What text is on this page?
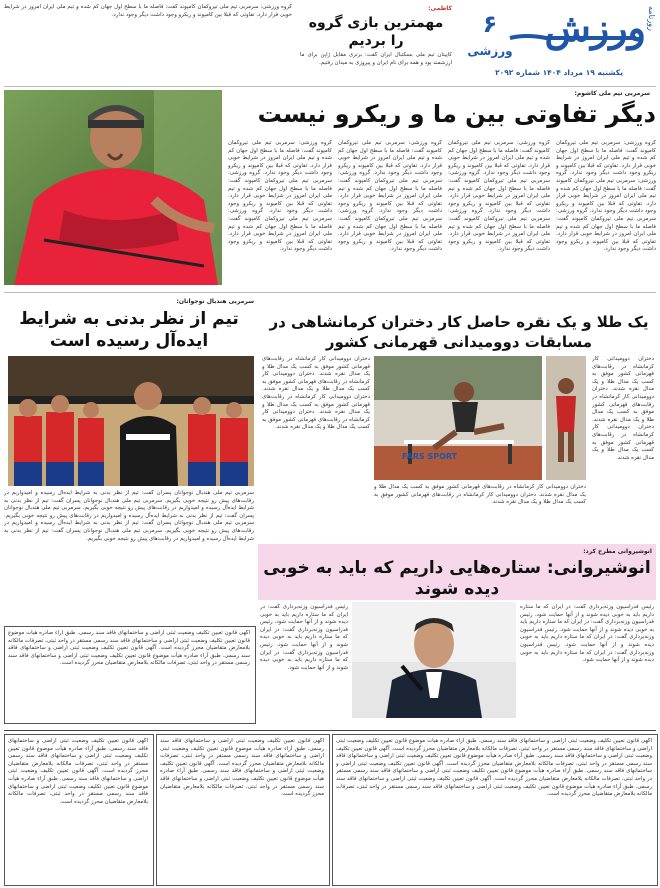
ورزش روزنامه
۶
ورزشی
یکشنبه ۱۹ مرداد ۱۴۰۴ شماره ۲۰۹۲
کاظمی:
مهمترین بازی گروه را بردیم
کاپیتان تیم ملی بسکتبال ایران گفت: برتری مقابل ژاپن برای ما ارزشمند بود و همه برای نام ایران و پیروزی به میدان رفتیم.
گروه ورزشی: سرمربی تیم ملی تیروکمان کامپوند گفت: فاصله ما با سطح اول جهان کم شده و تیم ملی ایران امروز در شرایط خوبی قرار دارد. تفاوتی که قبلا بین کامپوند و ریکرو وجود داشت دیگر وجود ندارد.
سرمربی تیم ملی کاشوم:
دیگر تفاوتی بین ما و ریکرو نیست
گروه ورزشی: سرمربی تیم ملی تیروکمان کامپوند گفت: فاصله ما با سطح اول جهان کم شده و تیم ملی ایران امروز در شرایط خوبی قرار دارد. تفاوتی که قبلا بین کامپوند و ریکرو وجود داشت دیگر وجود ندارد. گروه ورزشی: سرمربی تیم ملی تیروکمان کامپوند گفت: فاصله ما با سطح اول جهان کم شده و تیم ملی ایران امروز در شرایط خوبی قرار دارد. تفاوتی که قبلا بین کامپوند و ریکرو وجود داشت دیگر وجود ندارد. گروه ورزشی: سرمربی تیم ملی تیروکمان کامپوند گفت: فاصله ما با سطح اول جهان کم شده و تیم ملی ایران امروز در شرایط خوبی قرار دارد. تفاوتی که قبلا بین کامپوند و ریکرو وجود داشت دیگر وجود ندارد.
گروه ورزشی: سرمربی تیم ملی تیروکمان کامپوند گفت: فاصله ما با سطح اول جهان کم شده و تیم ملی ایران امروز در شرایط خوبی قرار دارد. تفاوتی که قبلا بین کامپوند و ریکرو وجود داشت دیگر وجود ندارد. گروه ورزشی: سرمربی تیم ملی تیروکمان کامپوند گفت: فاصله ما با سطح اول جهان کم شده و تیم ملی ایران امروز در شرایط خوبی قرار دارد. تفاوتی که قبلا بین کامپوند و ریکرو وجود داشت دیگر وجود ندارد. گروه ورزشی: سرمربی تیم ملی تیروکمان کامپوند گفت: فاصله ما با سطح اول جهان کم شده و تیم ملی ایران امروز در شرایط خوبی قرار دارد. تفاوتی که قبلا بین کامپوند و ریکرو وجود داشت دیگر وجود ندارد.
گروه ورزشی: سرمربی تیم ملی تیروکمان کامپوند گفت: فاصله ما با سطح اول جهان کم شده و تیم ملی ایران امروز در شرایط خوبی قرار دارد. تفاوتی که قبلا بین کامپوند و ریکرو وجود داشت دیگر وجود ندارد. گروه ورزشی: سرمربی تیم ملی تیروکمان کامپوند گفت: فاصله ما با سطح اول جهان کم شده و تیم ملی ایران امروز در شرایط خوبی قرار دارد. تفاوتی که قبلا بین کامپوند و ریکرو وجود داشت دیگر وجود ندارد. گروه ورزشی: سرمربی تیم ملی تیروکمان کامپوند گفت: فاصله ما با سطح اول جهان کم شده و تیم ملی ایران امروز در شرایط خوبی قرار دارد. تفاوتی که قبلا بین کامپوند و ریکرو وجود داشت دیگر وجود ندارد.
گروه ورزشی: سرمربی تیم ملی تیروکمان کامپوند گفت: فاصله ما با سطح اول جهان کم شده و تیم ملی ایران امروز در شرایط خوبی قرار دارد. تفاوتی که قبلا بین کامپوند و ریکرو وجود داشت دیگر وجود ندارد. گروه ورزشی: سرمربی تیم ملی تیروکمان کامپوند گفت: فاصله ما با سطح اول جهان کم شده و تیم ملی ایران امروز در شرایط خوبی قرار دارد. تفاوتی که قبلا بین کامپوند و ریکرو وجود داشت دیگر وجود ندارد. گروه ورزشی: سرمربی تیم ملی تیروکمان کامپوند گفت: فاصله ما با سطح اول جهان کم شده و تیم ملی ایران امروز در شرایط خوبی قرار دارد. تفاوتی که قبلا بین کامپوند و ریکرو وجود داشت دیگر وجود ندارد.
سرمربی هندبال نوجوانان:
تیم از نظر بدنی به شرایط ایده‌آل رسیده است
سرمربی تیم ملی هندبال نوجوانان پسران گفت: تیم از نظر بدنی به شرایط ایده‌آل رسیده و امیدواریم در رقابت‌های پیش رو نتیجه خوبی بگیریم. سرمربی تیم ملی هندبال نوجوانان پسران گفت: تیم از نظر بدنی به شرایط ایده‌آل رسیده و امیدواریم در رقابت‌های پیش رو نتیجه خوبی بگیریم. سرمربی تیم ملی هندبال نوجوانان پسران گفت: تیم از نظر بدنی به شرایط ایده‌آل رسیده و امیدواریم در رقابت‌های پیش رو نتیجه خوبی بگیریم. سرمربی تیم ملی هندبال نوجوانان پسران گفت: تیم از نظر بدنی به شرایط ایده‌آل رسیده و امیدواریم در رقابت‌های پیش رو نتیجه خوبی بگیریم. سرمربی تیم ملی هندبال نوجوانان پسران گفت: تیم از نظر بدنی به شرایط ایده‌آل رسیده و امیدواریم در رقابت‌های پیش رو نتیجه خوبی بگیریم.
یک طلا و یک نقره حاصل کار دختران کرمانشاهی در مسابقات دوومیدانی قهرمانی کشور
FARS SPORT
دختران دوومیدانی کار کرمانشاه در رقابت‌های قهرمانی کشور موفق به کسب یک مدال طلا و یک مدال نقره شدند. دختران دوومیدانی کار کرمانشاه در رقابت‌های قهرمانی کشور موفق به کسب یک مدال طلا و یک مدال نقره شدند. دختران دوومیدانی کار کرمانشاه در رقابت‌های قهرمانی کشور موفق به کسب یک مدال طلا و یک مدال نقره شدند.
دختران دوومیدانی کار کرمانشاه در رقابت‌های قهرمانی کشور موفق به کسب یک مدال طلا و یک مدال نقره شدند. دختران دوومیدانی کار کرمانشاه در رقابت‌های قهرمانی کشور موفق به کسب یک مدال طلا و یک مدال نقره شدند. دختران دوومیدانی کار کرمانشاه در رقابت‌های قهرمانی کشور موفق به کسب یک مدال طلا و یک مدال نقره شدند. دختران دوومیدانی کار کرمانشاه در رقابت‌های قهرمانی کشور موفق به کسب یک مدال طلا و یک مدال نقره شدند.
دختران دوومیدانی کار کرمانشاه در رقابت‌های قهرمانی کشور موفق به کسب یک مدال طلا و یک مدال نقره شدند. دختران دوومیدانی کار کرمانشاه در رقابت‌های قهرمانی کشور موفق به کسب یک مدال طلا و یک مدال نقره شدند.
انوشیروانی مطرح کرد:
انوشیروانی: ستاره‌هایی داریم که باید به خوبی دیده شوند
رئیس فدراسیون وزنه‌برداری گفت: در ایران که ما ستاره داریم باید به خوبی دیده شوند و از آنها حمایت شود. رئیس فدراسیون وزنه‌برداری گفت: در ایران که ما ستاره داریم باید به خوبی دیده شوند و از آنها حمایت شود. رئیس فدراسیون وزنه‌برداری گفت: در ایران که ما ستاره داریم باید به خوبی دیده شوند و از آنها حمایت شود. رئیس فدراسیون وزنه‌برداری گفت: در ایران که ما ستاره داریم باید به خوبی دیده شوند و از آنها حمایت شود.
رئیس فدراسیون وزنه‌برداری گفت: در ایران که ما ستاره داریم باید به خوبی دیده شوند و از آنها حمایت شود. رئیس فدراسیون وزنه‌برداری گفت: در ایران که ما ستاره داریم باید به خوبی دیده شوند و از آنها حمایت شود. رئیس فدراسیون وزنه‌برداری گفت: در ایران که ما ستاره داریم باید به خوبی دیده شوند و از آنها حمایت شود.
آگهی قانون تعیین تکلیف وضعیت ثبتی اراضی و ساختمانهای فاقد سند رسمی. طبق آراء صادره هیأت موضوع قانون تعیین تکلیف وضعیت ثبتی اراضی و ساختمانهای فاقد سند رسمی مستقر در واحد ثبتی، تصرفات مالکانه بلامعارض متقاضیان محرز گردیده است. آگهی قانون تعیین تکلیف وضعیت ثبتی اراضی و ساختمانهای فاقد سند رسمی. طبق آراء صادره هیأت موضوع قانون تعیین تکلیف وضعیت ثبتی اراضی و ساختمانهای فاقد سند رسمی مستقر در واحد ثبتی، تصرفات مالکانه بلامعارض متقاضیان محرز گردیده است.
آگهی قانون تعیین تکلیف وضعیت ثبتی اراضی و ساختمانهای فاقد سند رسمی. طبق آراء صادره هیأت موضوع قانون تعیین تکلیف وضعیت ثبتی اراضی و ساختمانهای فاقد سند رسمی مستقر در واحد ثبتی، تصرفات مالکانه بلامعارض متقاضیان محرز گردیده است. آگهی قانون تعیین تکلیف وضعیت ثبتی اراضی و ساختمانهای فاقد سند رسمی. طبق آراء صادره هیأت موضوع قانون تعیین تکلیف وضعیت ثبتی اراضی و ساختمانهای فاقد سند رسمی مستقر در واحد ثبتی، تصرفات مالکانه بلامعارض متقاضیان محرز گردیده است.
آگهی قانون تعیین تکلیف وضعیت ثبتی اراضی و ساختمانهای فاقد سند رسمی. طبق آراء صادره هیأت موضوع قانون تعیین تکلیف وضعیت ثبتی اراضی و ساختمانهای فاقد سند رسمی مستقر در واحد ثبتی، تصرفات مالکانه بلامعارض متقاضیان محرز گردیده است. آگهی قانون تعیین تکلیف وضعیت ثبتی اراضی و ساختمانهای فاقد سند رسمی. طبق آراء صادره هیأت موضوع قانون تعیین تکلیف وضعیت ثبتی اراضی و ساختمانهای فاقد سند رسمی مستقر در واحد ثبتی، تصرفات مالکانه بلامعارض متقاضیان محرز گردیده است.
آگهی قانون تعیین تکلیف وضعیت ثبتی اراضی و ساختمانهای فاقد سند رسمی. طبق آراء صادره هیأت موضوع قانون تعیین تکلیف وضعیت ثبتی اراضی و ساختمانهای فاقد سند رسمی مستقر در واحد ثبتی، تصرفات مالکانه بلامعارض متقاضیان محرز گردیده است. آگهی قانون تعیین تکلیف وضعیت ثبتی اراضی و ساختمانهای فاقد سند رسمی. طبق آراء صادره هیأت موضوع قانون تعیین تکلیف وضعیت ثبتی اراضی و ساختمانهای فاقد سند رسمی مستقر در واحد ثبتی، تصرفات مالکانه بلامعارض متقاضیان محرز گردیده است. آگهی قانون تعیین تکلیف وضعیت ثبتی اراضی و ساختمانهای فاقد سند رسمی. طبق آراء صادره هیأت موضوع قانون تعیین تکلیف وضعیت ثبتی اراضی و ساختمانهای فاقد سند رسمی مستقر در واحد ثبتی، تصرفات مالکانه بلامعارض متقاضیان محرز گردیده است. آگهی قانون تعیین تکلیف وضعیت ثبتی اراضی و ساختمانهای فاقد سند رسمی. طبق آراء صادره هیأت موضوع قانون تعیین تکلیف وضعیت ثبتی اراضی و ساختمانهای فاقد سند رسمی مستقر در واحد ثبتی، تصرفات مالکانه بلامعارض متقاضیان محرز گردیده است.
